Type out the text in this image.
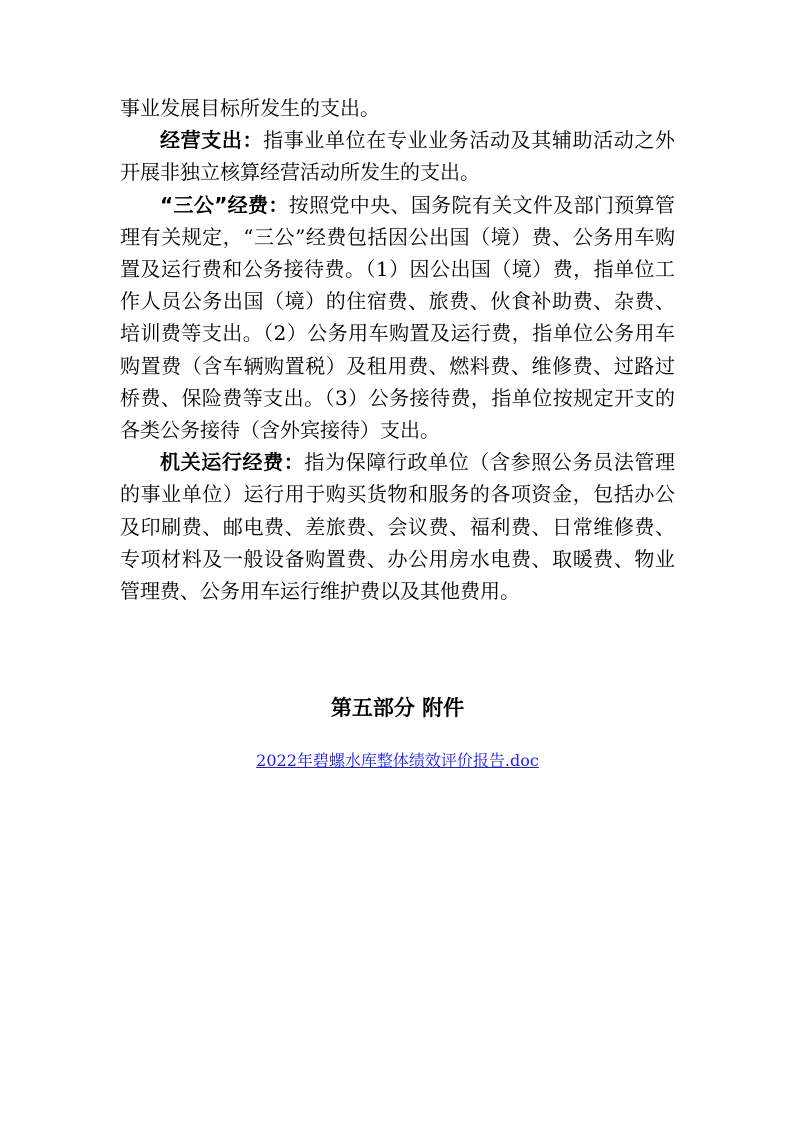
事业发展目标所发生的支出。

经营支出：指事业单位在专业业务活动及其辅助活动之外开展非独立核算经营活动所发生的支出。

“三公”经费：按照党中央、国务院有关文件及部门预算管理有关规定，“三公”经费包括因公出国（境）费、公务用车购置及运行费和公务接待费。（1）因公出国（境）费，指单位工作人员公务出国（境）的住宿费、旅费、伙食补助费、杂费、培训费等支出。（2）公务用车购置及运行费，指单位公务用车购置费（含车辆购置税）及租用费、燃料费、维修费、过路过桥费、保险费等支出。（3）公务接待费，指单位按规定开支的各类公务接待（含外宾接待）支出。

机关运行经费：指为保障行政单位（含参照公务员法管理的事业单位）运行用于购买货物和服务的各项资金，包括办公及印刷费、邮电费、差旅费、会议费、福利费、日常维修费、专项材料及一般设备购置费、办公用房水电费、取暖费、物业管理费、公务用车运行维护费以及其他费用。

第五部分 附件
2022年碧螺水库整体绩效评价报告.doc
